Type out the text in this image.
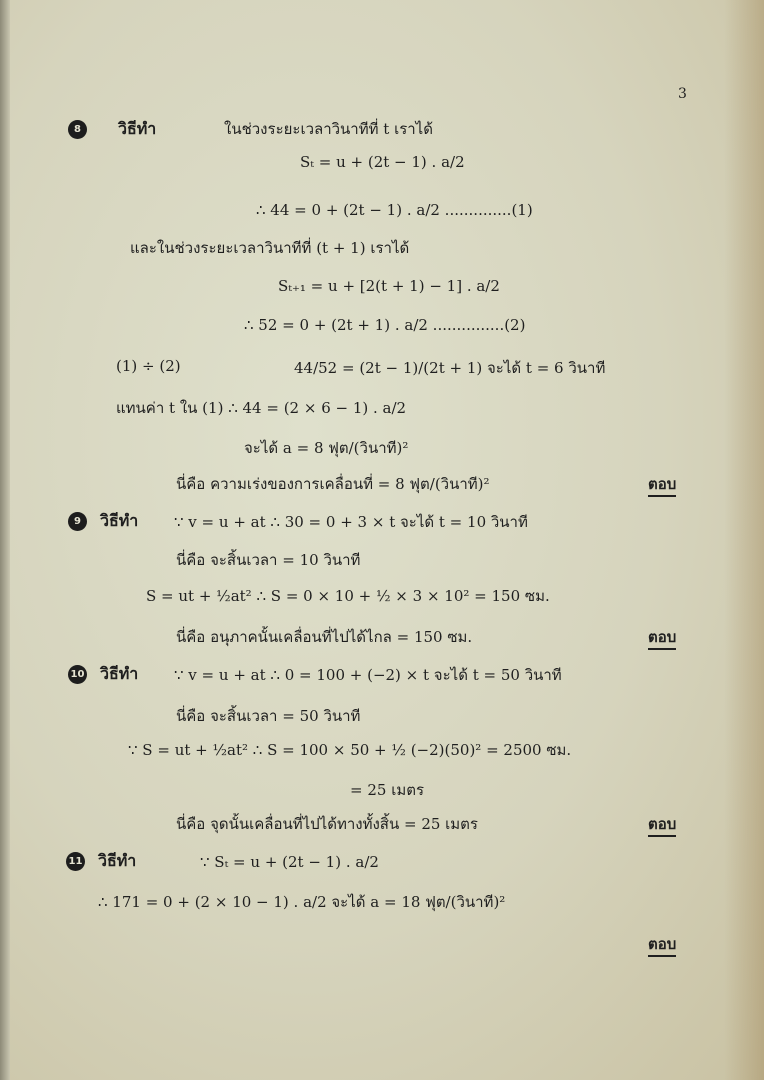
3
8	วิธีทำ	ในช่วงระยะเวลาวินาทีที่ t เราได้
Sₜ = u + (2t − 1) . a/2
∴ 44 = 0 + (2t − 1) . a/2 ..............(1)
และในช่วงระยะเวลาวินาทีที่ (t + 1) เราได้
Sₜ₊₁ = u + [2(t + 1) − 1] . a/2
∴ 52 = 0 + (2t + 1) . a/2 ...............(2)
(1) ÷ (2)	44/52 = (2t − 1)/(2t + 1) จะได้ t = 6 วินาที
แทนค่า t ใน (1) ∴ 44 = (2 × 6 − 1) . a/2
จะได้ a = 8 ฟุต/(วินาที)²
นี่คือ ความเร่งของการเคลื่อนที่ = 8 ฟุต/(วินาที)²	ตอบ
9	วิธีทำ ∵ v = u + at ∴ 30 = 0 + 3 × t จะได้ t = 10 วินาที
นี่คือ จะสิ้นเวลา = 10 วินาที
S = ut + ½at² ∴ S = 0 × 10 + ½ × 3 × 10² = 150 ซม.
นี่คือ อนุภาคนั้นเคลื่อนที่ไปได้ไกล = 150 ซม.	ตอบ
10 วิธีทำ ∵ v = u + at ∴ 0 = 100 + (−2) × t จะได้ t = 50 วินาที
นี่คือ จะสิ้นเวลา = 50 วินาที
∵ S = ut + ½at² ∴ S = 100 × 50 + ½ (−2)(50)² = 2500 ซม.
= 25 เมตร
นี่คือ จุดนั้นเคลื่อนที่ไปได้ทางทั้งสิ้น = 25 เมตร	ตอบ
11 วิธีทำ	∵ Sₜ = u + (2t − 1) . a/2
∴ 171 = 0 + (2 × 10 − 1) . a/2 จะได้ a = 18 ฟุต/(วินาที)²
ตอบ
